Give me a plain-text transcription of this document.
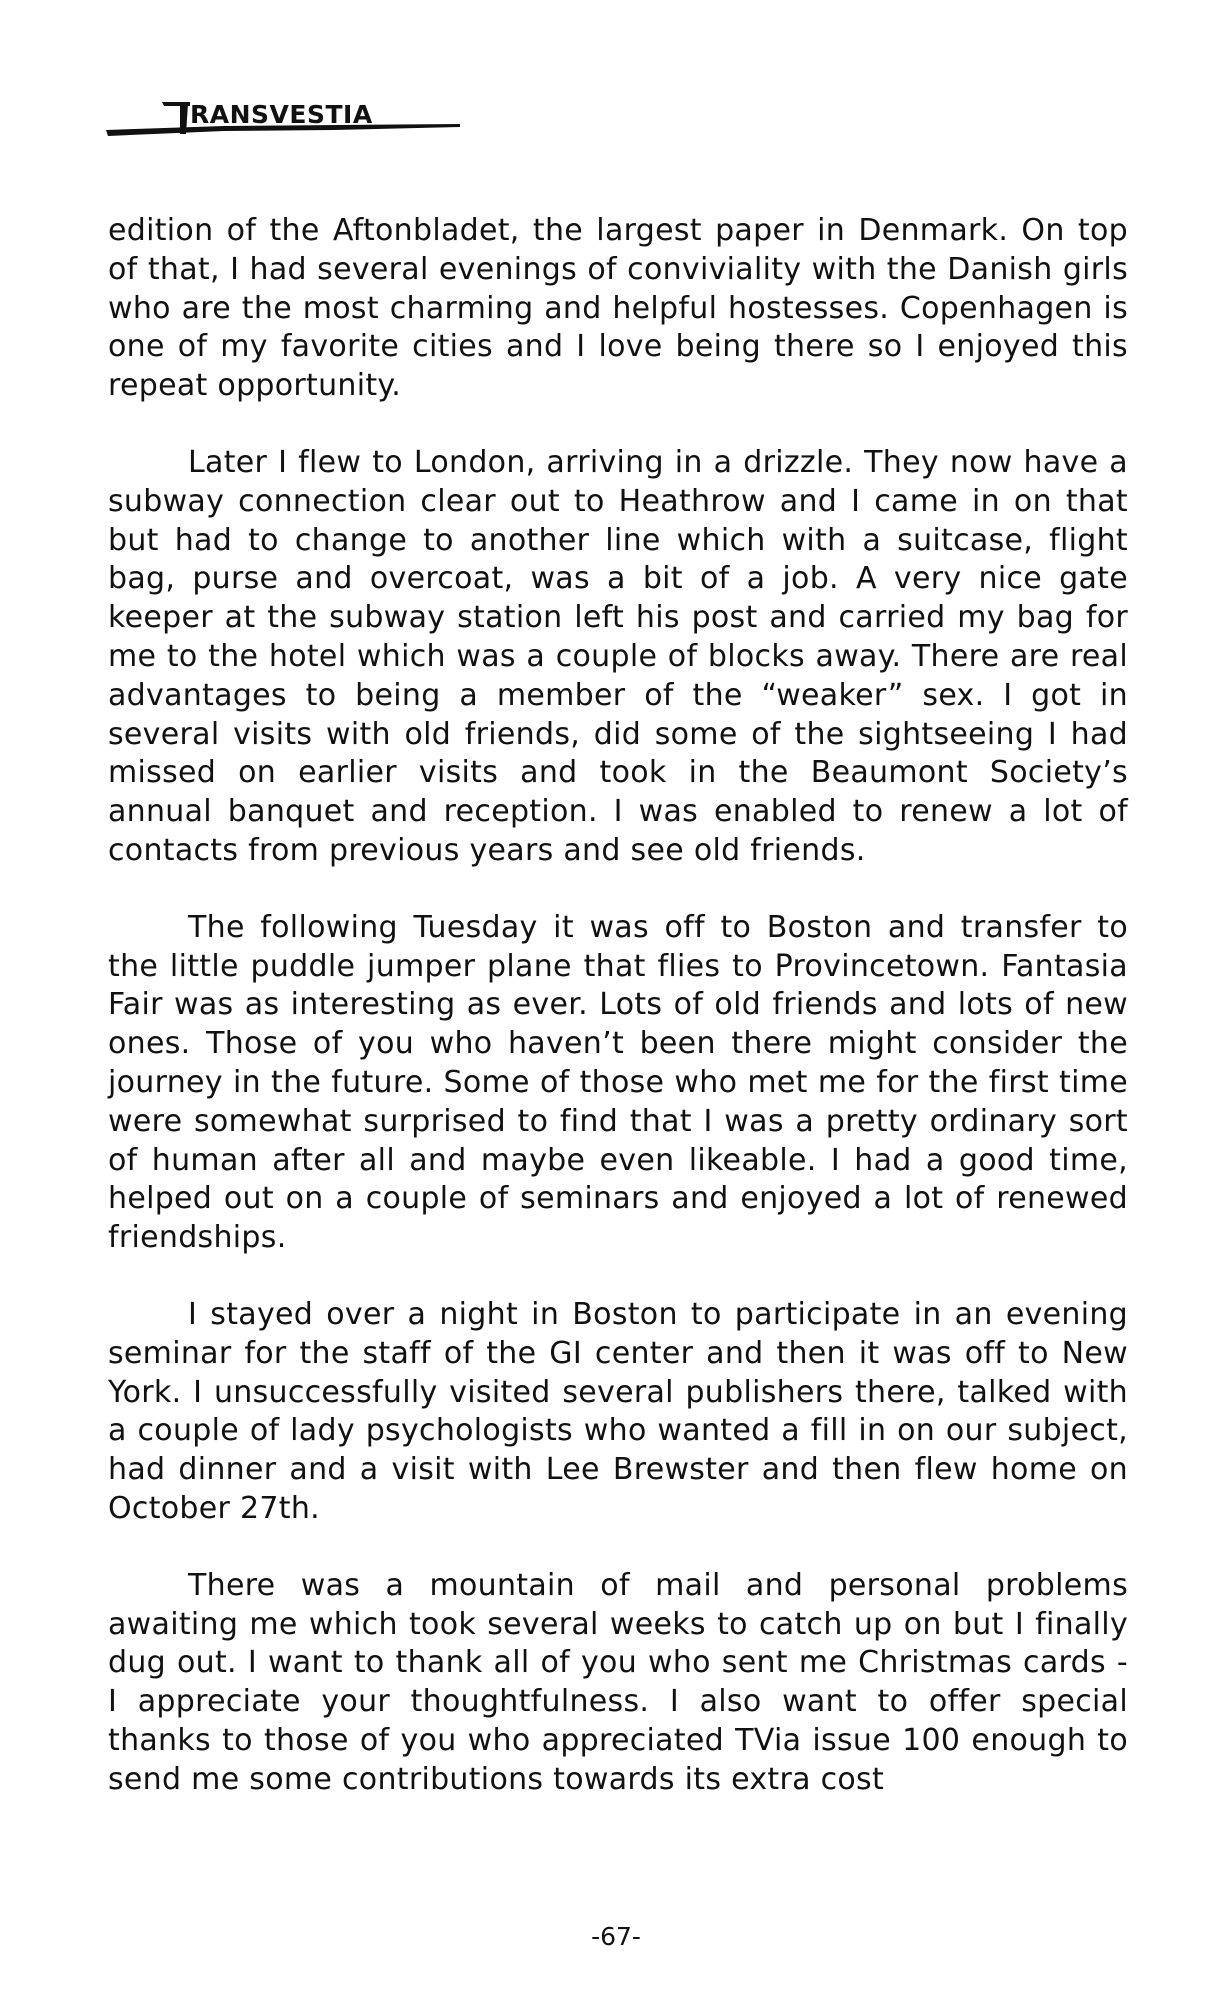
RANSVESTIA

edition of the Aftonbladet, the largest paper in Denmark. On top of that, I had several evenings of conviviality with the Danish girls who are the most charming and helpful hostesses. Copenhagen is one of my favorite cities and I love being there so I enjoyed this repeat opportunity.

Later I flew to London, arriving in a drizzle. They now have a subway connection clear out to Heathrow and I came in on that but had to change to another line which with a suitcase, flight bag, purse and overcoat, was a bit of a job. A very nice gate keeper at the subway station left his post and carried my bag for me to the hotel which was a couple of blocks away. There are real advantages to being a member of the “weaker” sex. I got in several visits with old friends, did some of the sightseeing I had missed on earlier visits and took in the Beaumont Society’s annual banquet and reception. I was enabled to renew a lot of contacts from previous years and see old friends.

The following Tuesday it was off to Boston and transfer to the little puddle jumper plane that flies to Provincetown. Fantasia Fair was as interesting as ever. Lots of old friends and lots of new ones. Those of you who haven’t been there might consider the journey in the future. Some of those who met me for the first time were somewhat surprised to find that I was a pretty ordinary sort of human after all and maybe even likeable. I had a good time, helped out on a couple of seminars and enjoyed a lot of renewed friendships.

I stayed over a night in Boston to participate in an evening seminar for the staff of the GI center and then it was off to New York. I unsuccessfully visited several publishers there, talked with a couple of lady psychologists who wanted a fill in on our subject, had dinner and a visit with Lee Brewster and then flew home on October 27th.

There was a mountain of mail and personal problems awaiting me which took several weeks to catch up on but I finally dug out. I want to thank all of you who sent me Christmas cards - I appreciate your thoughtfulness. I also want to offer special thanks to those of you who appreciated TVia issue 100 enough to send me some contributions towards its extra cost

-67-
